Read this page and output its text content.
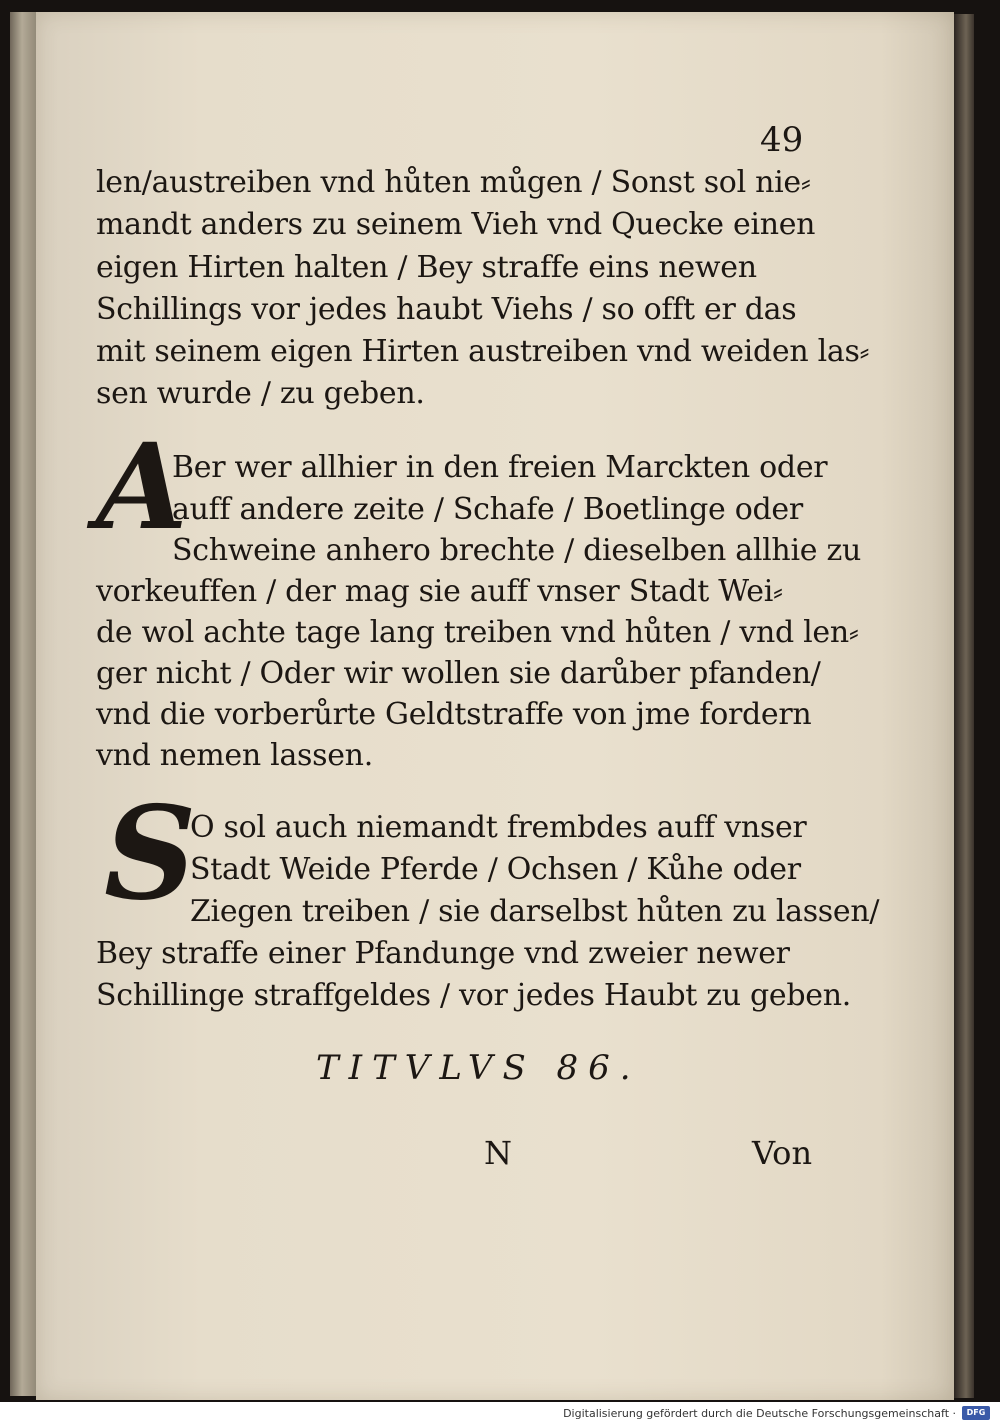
49
len/austreiben vnd hůten můgen / Sonst sol nie⸗
mandt anders zu seinem Vieh vnd Quecke einen
eigen Hirten halten / Bey straffe eins newen
Schillings vor jedes haubt Viehs / so offt er das
mit seinem eigen Hirten austreiben vnd weiden las⸗
sen wurde / zu geben.
A
Ber wer allhier in den freien Marckten oder
auff andere zeite / Schafe / Boetlinge oder
Schweine anhero brechte / dieselben allhie zu
vorkeuffen / der mag sie auff vnser Stadt Wei⸗
de wol achte tage lang treiben vnd hůten / vnd len⸗
ger nicht / Oder wir wollen sie darůber pfanden/
vnd die vorberůrte Geldtstraffe von jme fordern
vnd nemen lassen.
S
O sol auch niemandt frembdes auff vnser
Stadt Weide Pferde / Ochsen / Kůhe oder
Ziegen treiben / sie darselbst hůten zu lassen/
Bey straffe einer Pfandunge vnd zweier newer
Schillinge straffgeldes / vor jedes Haubt zu geben.
TITVLVS 86.
N	Von
Digitalisierung gefördert durch die Deutsche Forschungsgemeinschaft ·	DFG
